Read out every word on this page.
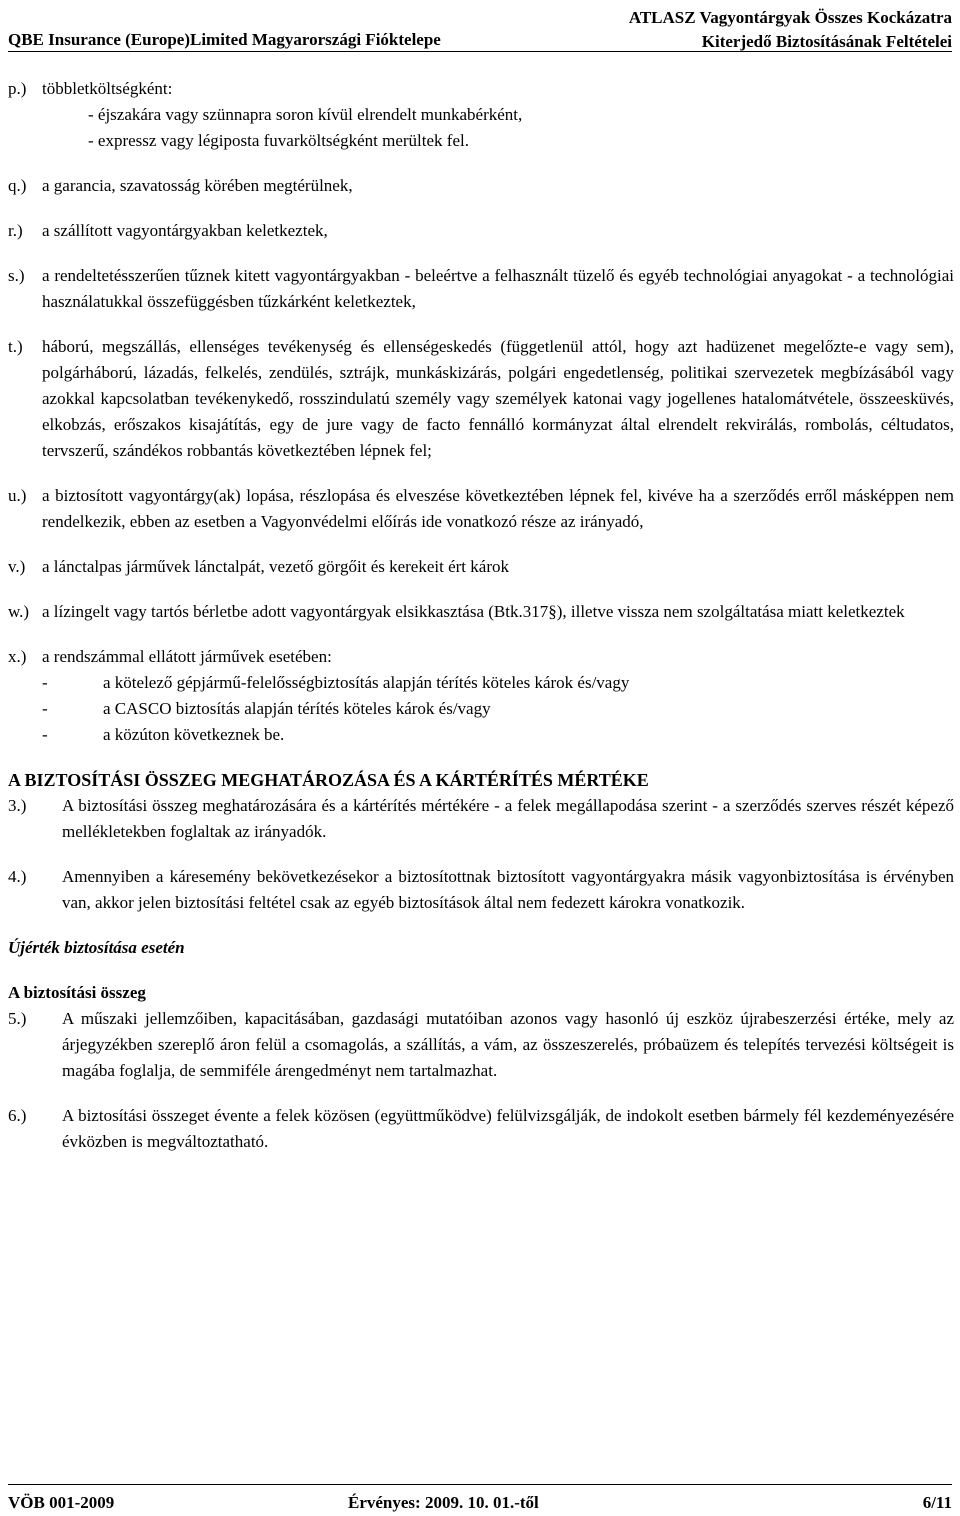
QBE Insurance (Europe)Limited Magyarországi Fióktelepe
ATLASZ Vagyontárgyak Összes Kockázatra
Kiterjedő Biztosításának Feltételei
p.) többletköltségként:
- éjszakára vagy szünnapra soron kívül elrendelt munkabérként,
- expressz vagy légiposta fuvarköltségként merültek fel.
q.) a garancia, szavatosság körében megtérülnek,
r.)	a szállított vagyontárgyakban keletkeztek,
s.)	a rendeltetésszerűen tűznek kitett vagyontárgyakban - beleértve a felhasznált tüzelő és egyéb technológiai anyagokat - a technológiai használatukkal összefüggésben tűzkárként keletkeztek,
t.)	háború, megszállás, ellenséges tevékenység és ellenségeskedés (függetlenül attól, hogy azt hadüzenet megelőzte-e vagy sem), polgárháború, lázadás, felkelés, zendülés, sztrájk, munkáskizárás, polgári engedetlenség, politikai szervezetek megbízásából vagy azokkal kapcsolatban tevékenykedő, rosszindulatú személy vagy személyek katonai vagy jogellenes hatalomátvétele, összeesküvés, elkobzás, erőszakos kisajátítás, egy de jure vagy de facto fennálló kormányzat által elrendelt rekvirálás, rombolás, céltudatos, tervszerű, szándékos robbantás következtében lépnek fel;
u.) a biztosított vagyontárgy(ak) lopása, részlopása és elveszése következtében lépnek fel, kivéve ha a szerződés erről másképpen nem rendelkezik, ebben az esetben a Vagyonvédelmi előírás ide vonatkozó része az irányadó,
v.) a lánctalpas járművek lánctalpát, vezető görgőit és kerekeit ért károk
w.) a lízingelt vagy tartós bérletbe adott vagyontárgyak elsikkasztása (Btk.317§), illetve vissza nem szolgáltatása miatt keletkeztek
x.) a rendszámmal ellátott járművek esetében:
-	a kötelező gépjármű-felelősségbiztosítás alapján térítés köteles károk és/vagy
-	a CASCO biztosítás alapján térítés köteles károk és/vagy
-	a közúton következnek be.
A BIZTOSÍTÁSI ÖSSZEG MEGHATÁROZÁSA ÉS A KÁRTÉRÍTÉS MÉRTÉKE
3.)	A biztosítási összeg meghatározására és a kártérítés mértékére - a felek megállapodása szerint - a szerződés szerves részét képező mellékletekben foglaltak az irányadók.
4.)	Amennyiben a káresemény bekövetkezésekor a biztosítottnak biztosított vagyontárgyakra másik vagyonbiztosítása is érvényben van, akkor jelen biztosítási feltétel csak az egyéb biztosítások által nem fedezett károkra vonatkozik.
Újérték biztosítása esetén
A biztosítási összeg
5.)	A műszaki jellemzőiben, kapacitásában, gazdasági mutatóiban azonos vagy hasonló új eszköz újrabeszerzési értéke, mely az árjegyzékben szereplő áron felül a csomagolás, a szállítás, a vám, az összeszerelés, próbaüzem és telepítés tervezési költségeit is magába foglalja, de semmiféle árengedményt nem tartalmazhat.
6.)	A biztosítási összeget évente a felek közösen (együttműködve) felülvizsgálják, de indokolt esetben bármely fél kezdeményezésére évközben is megváltoztatható.
VÖB 001-2009	Érvényes: 2009. 10. 01.-től	6/11
